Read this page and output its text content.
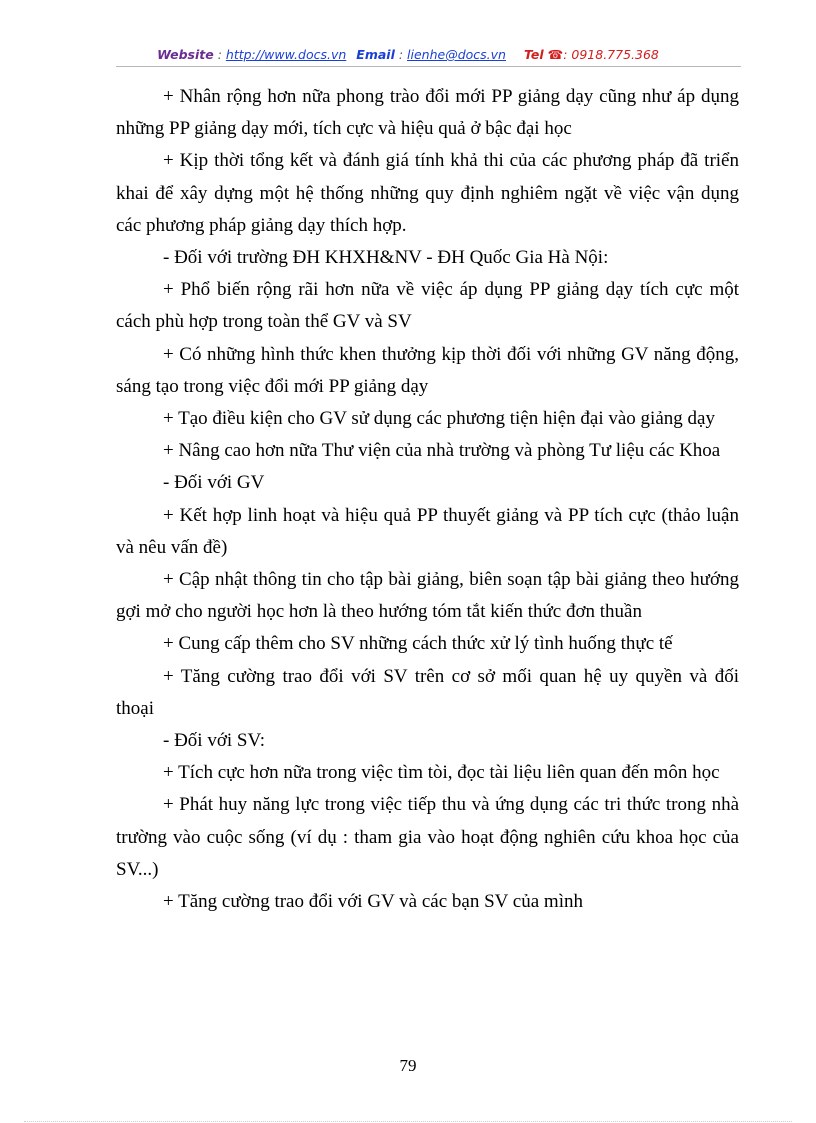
Website : http://www.docs.vn Email : lienhe@docs.vn Tel ☎: 0918.775.368

+ Nhân rộng hơn nữa phong trào đổi mới PP giảng dạy cũng như áp dụng những PP giảng dạy mới, tích cực và hiệu quả ở bậc đại học

+ Kịp thời tổng kết và đánh giá tính khả thi của các phương pháp đã triển khai để xây dựng một hệ thống những quy định nghiêm ngặt về việc vận dụng các phương pháp giảng dạy thích hợp.

- Đối với trường ĐH KHXH&NV - ĐH Quốc Gia Hà Nội:

+ Phổ biến rộng rãi hơn nữa về việc áp dụng PP giảng dạy tích cực một cách phù hợp trong toàn thể GV và SV

+ Có những hình thức khen thưởng kịp thời đối với những GV năng động, sáng tạo trong việc đổi mới PP giảng dạy

+ Tạo điều kiện cho GV sử dụng các phương tiện hiện đại vào giảng dạy

+ Nâng cao hơn nữa Thư viện của nhà trường và phòng Tư liệu các Khoa

- Đối với GV

+ Kết hợp linh hoạt và hiệu quả PP thuyết giảng và PP tích cực (thảo luận và nêu vấn đề)

+ Cập nhật thông tin cho tập bài giảng, biên soạn tập bài giảng theo hướng gợi mở cho người học hơn là theo hướng tóm tắt kiến thức đơn thuần

+ Cung cấp thêm cho SV những cách thức xử lý tình huống thực tế

+ Tăng cường trao đổi với SV trên cơ sở mối quan hệ uy quyền và đối thoại

- Đối với SV:

+ Tích cực hơn nữa trong việc tìm tòi, đọc tài liệu liên quan đến môn học

+ Phát huy năng lực trong việc tiếp thu và ứng dụng các tri thức trong nhà trường vào cuộc sống (ví dụ : tham gia vào hoạt động nghiên cứu khoa học của SV...)

+ Tăng cường trao đổi với GV và các bạn SV của mình

79
